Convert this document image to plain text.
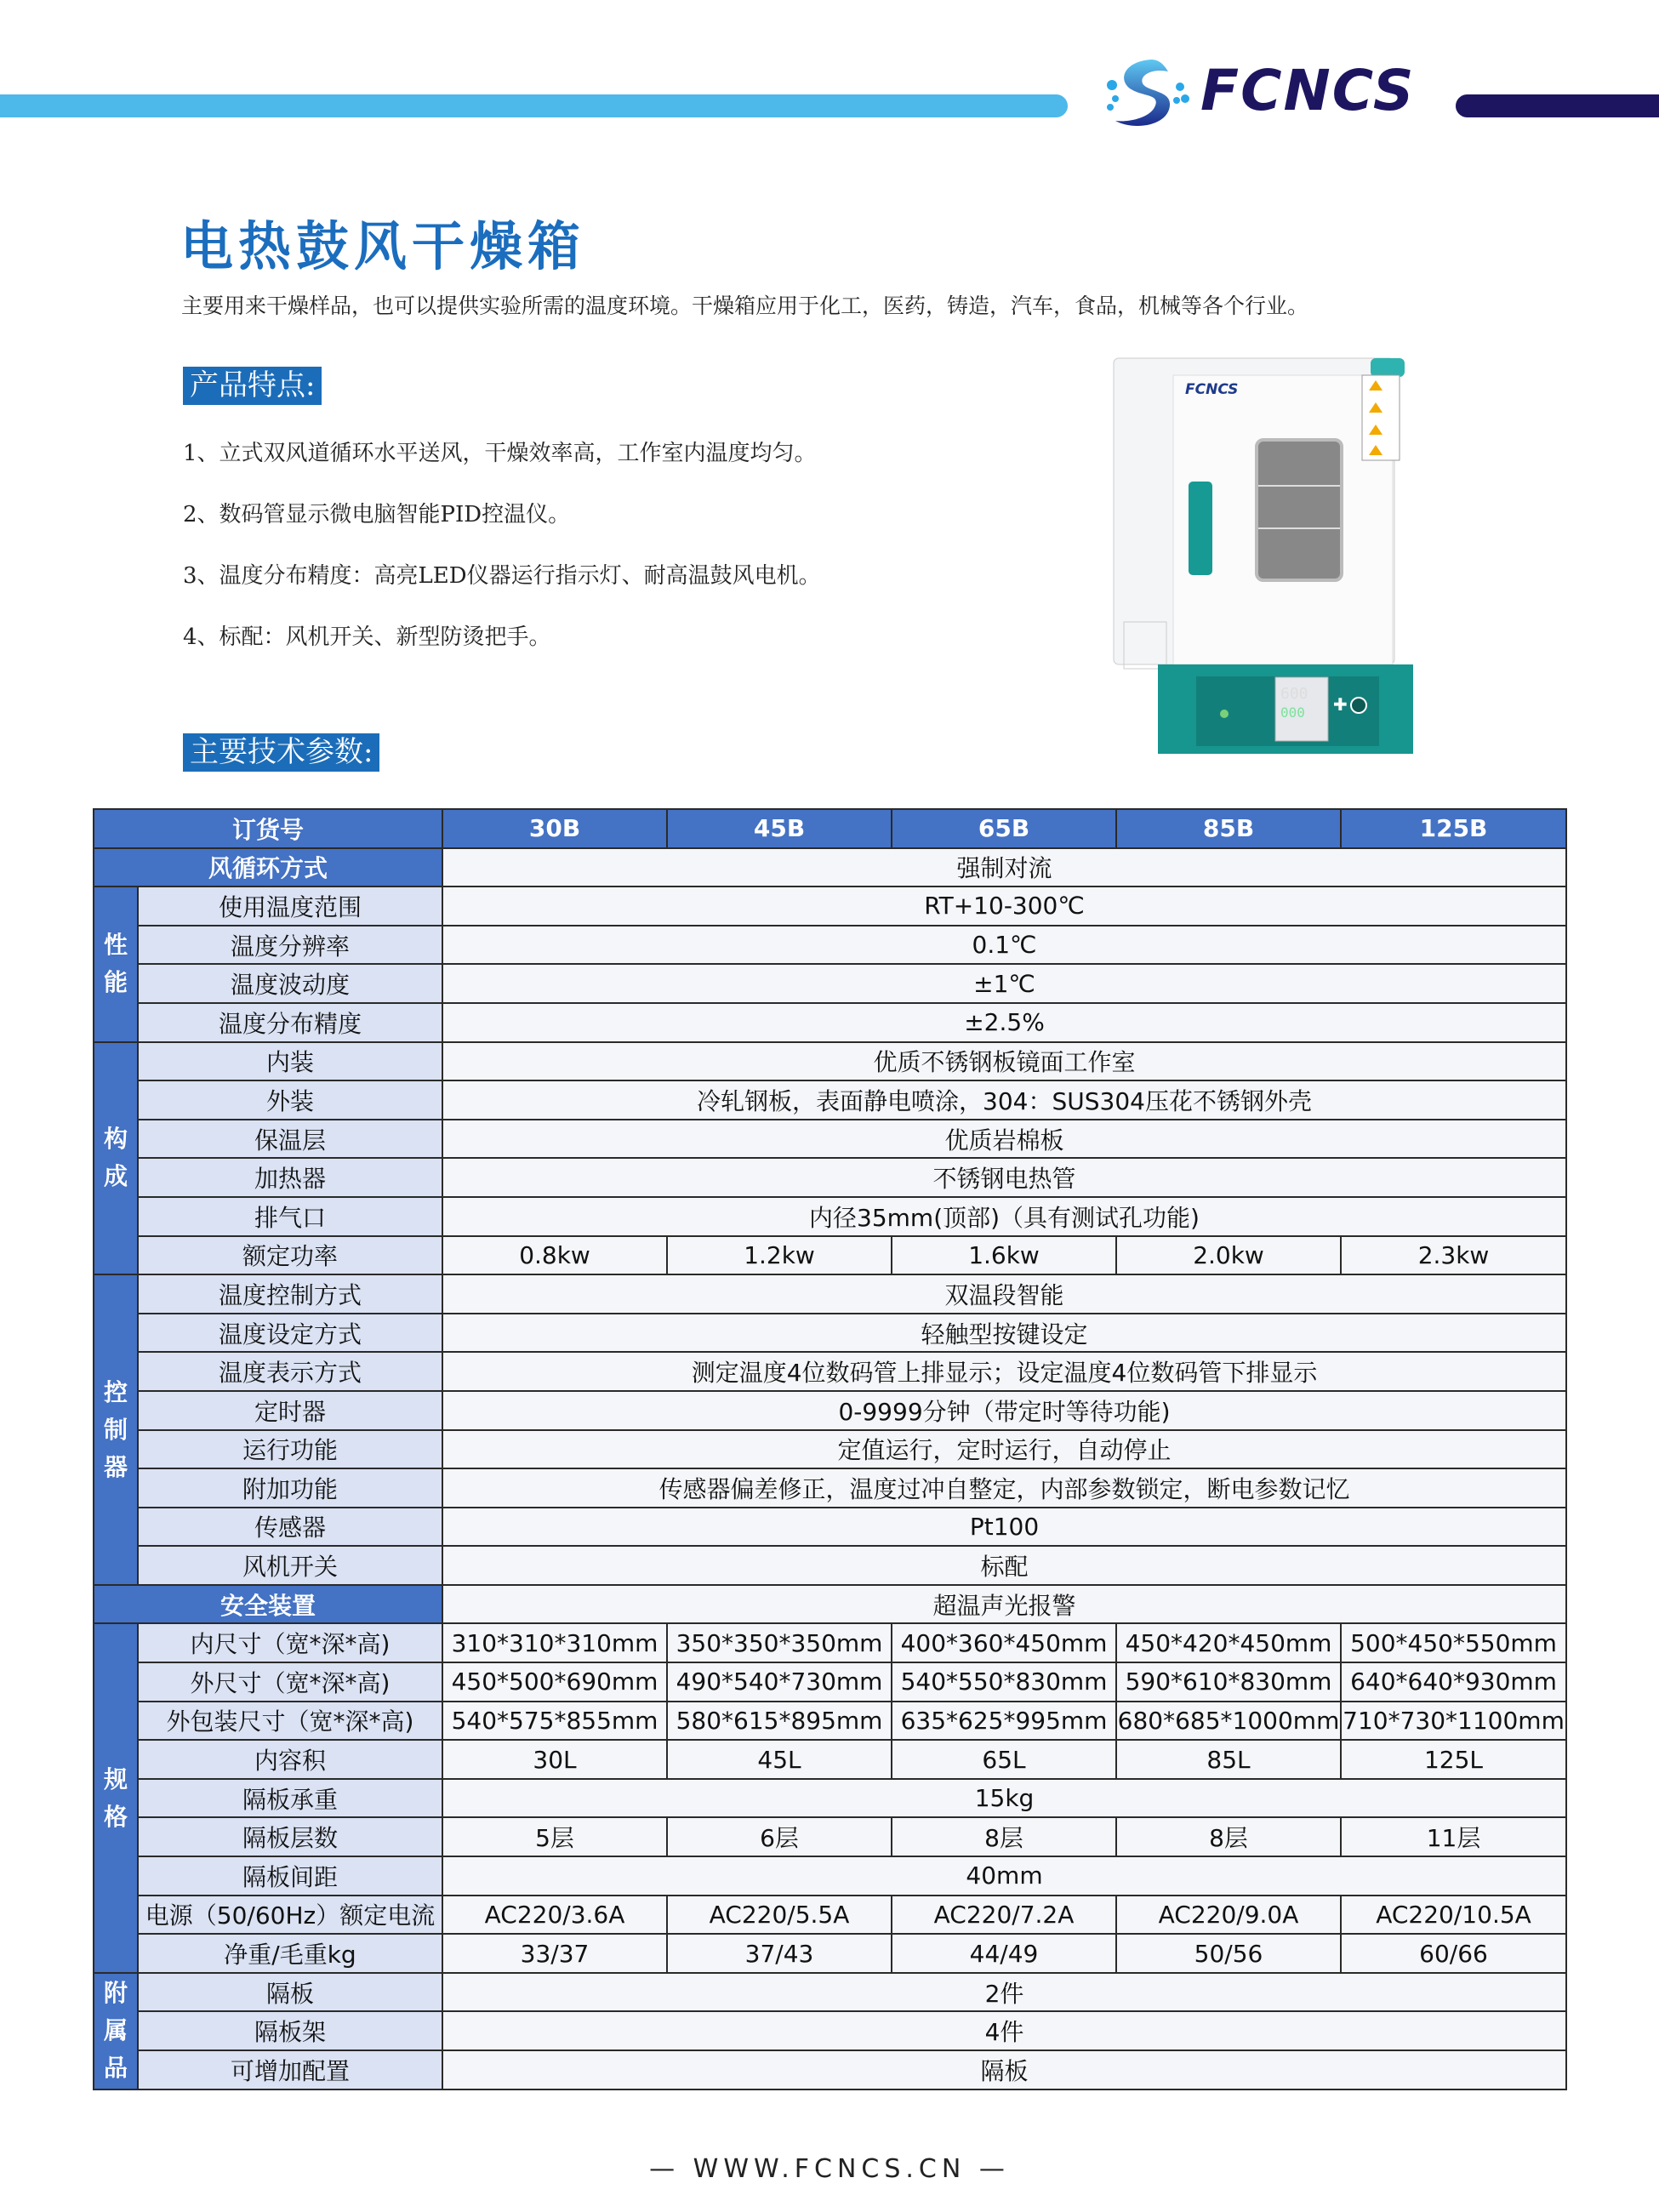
FCNCS
电热鼓风干燥箱
主要用来干燥样品，也可以提供实验所需的温度环境。干燥箱应用于化工，医药，铸造，汽车，食品，机械等各个行业。
产品特点:
1、立式双风道循环水平送风，干燥效率高，工作室内温度均匀。
2、数码管显示微电脑智能PID控温仪。
3、温度分布精度：高亮LED仪器运行指示灯、耐高温鼓风电机。
4、标配：风机开关、新型防烫把手。
主要技术参数:
FCNCS
600
000 ✚
订货号		30B	45B	65B	85B	125B
风循环方式		强制对流				

性能	使用温度范围	RT+10-300℃				
	温度分辨率	0.1℃				
	温度波动度	±1℃				
	温度分布精度	±2.5%				

构成	内装	优质不锈钢板镜面工作室				
	外装	冷轧钢板，表面静电喷涂，304：SUS304压花不锈钢外壳				
	保温层	优质岩棉板				
	加热器	不锈钢电热管				
	排气口	内径35mm(顶部)（具有测试孔功能)				
	额定功率	0.8kw	1.2kw	1.6kw	2.0kw	2.3kw

控制器	温度控制方式	双温段智能				
	温度设定方式	轻触型按键设定				
	温度表示方式	测定温度4位数码管上排显示；设定温度4位数码管下排显示				
	定时器	0-9999分钟（带定时等待功能)				
	运行功能	定值运行，定时运行，自动停止				
	附加功能	传感器偏差修正，温度过冲自整定，内部参数锁定，断电参数记忆				
	传感器	Pt100				
	风机开关	标配				
安全装置		超温声光报警				

规格	内尺寸（宽*深*高)	310*310*310mm	350*350*350mm	400*360*450mm	450*420*450mm	500*450*550mm
	外尺寸（宽*深*高)	450*500*690mm	490*540*730mm	540*550*830mm	590*610*830mm	640*640*930mm
	外包装尺寸（宽*深*高)	540*575*855mm	580*615*895mm	635*625*995mm	680*685*1000mm	710*730*1100mm
	内容积	30L	45L	65L	85L	125L
	隔板承重	15kg				
	隔板层数	5层	6层	8层	8层	11层
	隔板间距	40mm				
	电源（50/60Hz）额定电流	AC220/3.6A	AC220/5.5A	AC220/7.2A	AC220/9.0A	AC220/10.5A
	净重/毛重kg	33/37	37/43	44/49	50/56	60/66

附属品	隔板	2件				
	隔板架	4件				
	可增加配置	隔板				
— WWW.FCNCS.CN —
